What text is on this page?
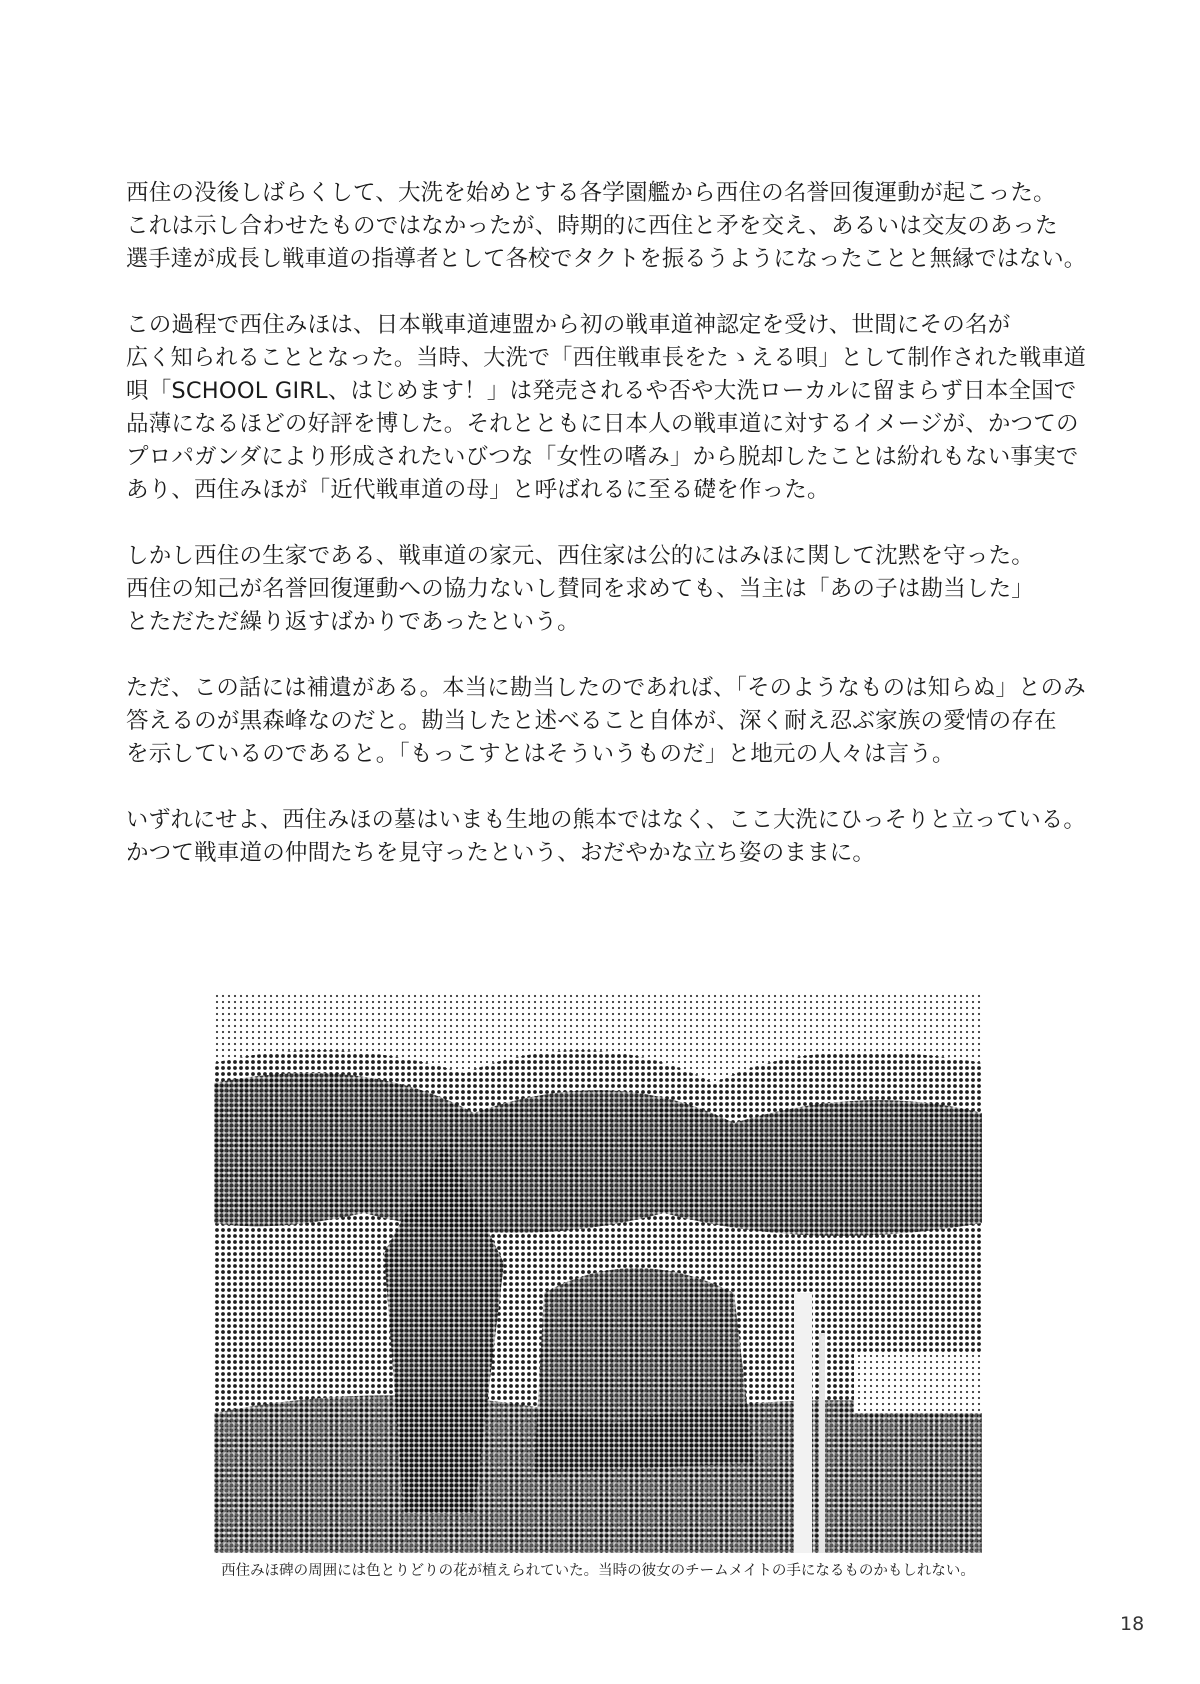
西住の没後しばらくして、大洗を始めとする各学園艦から西住の名誉回復運動が起こった。
これは示し合わせたものではなかったが、時期的に西住と矛を交え、あるいは交友のあった
選手達が成長し戦車道の指導者として各校でタクトを振るうようになったことと無縁ではない。

この過程で西住みほは、日本戦車道連盟から初の戦車道神認定を受け、世間にその名が
広く知られることとなった。当時、大洗で「西住戦車長をたゝえる唄」として制作された戦車道
唄「SCHOOL GIRL、はじめます！」は発売されるや否や大洗ローカルに留まらず日本全国で
品薄になるほどの好評を博した。それとともに日本人の戦車道に対するイメージが、かつての
プロパガンダにより形成されたいびつな「女性の嗜み」から脱却したことは紛れもない事実で
あり、西住みほが「近代戦車道の母」と呼ばれるに至る礎を作った。

しかし西住の生家である、戦車道の家元、西住家は公的にはみほに関して沈黙を守った。
西住の知己が名誉回復運動への協力ないし賛同を求めても、当主は「あの子は勘当した」
とただただ繰り返すばかりであったという。

ただ、この話には補遺がある。本当に勘当したのであれば、「そのようなものは知らぬ」とのみ
答えるのが黒森峰なのだと。勘当したと述べること自体が、深く耐え忍ぶ家族の愛情の存在
を示しているのであると。「もっこすとはそういうものだ」と地元の人々は言う。

いずれにせよ、西住みほの墓はいまも生地の熊本ではなく、ここ大洗にひっそりと立っている。
かつて戦車道の仲間たちを見守ったという、おだやかな立ち姿のままに。

西住みほ碑の周囲には色とりどりの花が植えられていた。当時の彼女のチームメイトの手になるものかもしれない。
18
